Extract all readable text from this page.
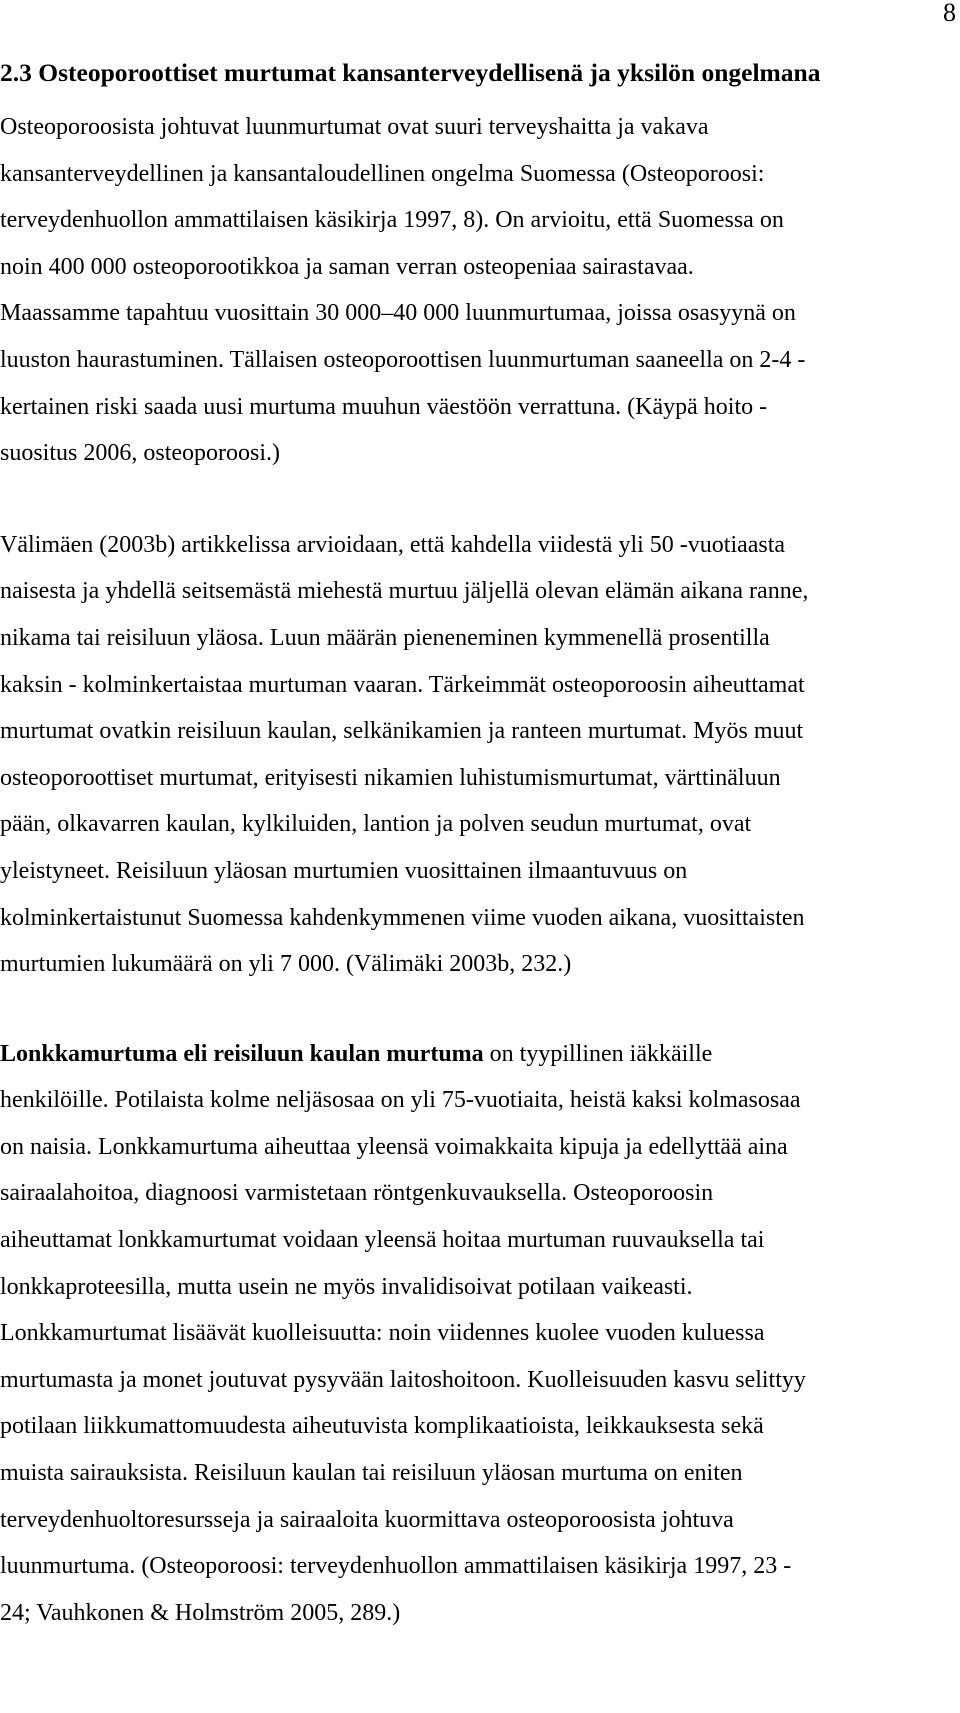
8
2.3 Osteoporoottiset murtumat kansanterveydellisenä ja yksilön ongelmana
Osteoporoosista johtuvat luunmurtumat ovat suuri terveyshaitta ja vakava
kansanterveydellinen ja kansantaloudellinen ongelma Suomessa (Osteoporoosi:
terveydenhuollon ammattilaisen käsikirja 1997, 8). On arvioitu, että Suomessa on
noin 400 000 osteoporootikkoa ja saman verran osteopeniaa sairastavaa.
Maassamme tapahtuu vuosittain 30 000–40 000 luunmurtumaa, joissa osasyynä on
luuston haurastuminen. Tällaisen osteoporoottisen luunmurtuman saaneella on 2-4 -
kertainen riski saada uusi murtuma muuhun väestöön verrattuna. (Käypä hoito -
suositus 2006, osteoporoosi.)
Välimäen (2003b) artikkelissa arvioidaan, että kahdella viidestä yli 50 -vuotiaasta
naisesta ja yhdellä seitsemästä miehestä murtuu jäljellä olevan elämän aikana ranne,
nikama tai reisiluun yläosa. Luun määrän pieneneminen kymmenellä prosentilla
kaksin - kolminkertaistaa murtuman vaaran. Tärkeimmät osteoporoosin aiheuttamat
murtumat ovatkin reisiluun kaulan, selkänikamien ja ranteen murtumat. Myös muut
osteoporoottiset murtumat, erityisesti nikamien luhistumismurtumat, värttinäluun
pään, olkavarren kaulan, kylkiluiden, lantion ja polven seudun murtumat, ovat
yleistyneet. Reisiluun yläosan murtumien vuosittainen ilmaantuvuus on
kolminkertaistunut Suomessa kahdenkymmenen viime vuoden aikana, vuosittaisten
murtumien lukumäärä on yli 7 000. (Välimäki 2003b, 232.)
Lonkkamurtuma eli reisiluun kaulan murtuma on tyypillinen iäkkäille
henkilöille. Potilaista kolme neljäsosaa on yli 75-vuotiaita, heistä kaksi kolmasosaa
on naisia. Lonkkamurtuma aiheuttaa yleensä voimakkaita kipuja ja edellyttää aina
sairaalahoitoa, diagnoosi varmistetaan röntgenkuvauksella. Osteoporoosin
aiheuttamat lonkkamurtumat voidaan yleensä hoitaa murtuman ruuvauksella tai
lonkkaproteesilla, mutta usein ne myös invalidisoivat potilaan vaikeasti.
Lonkkamurtumat lisäävät kuolleisuutta: noin viidennes kuolee vuoden kuluessa
murtumasta ja monet joutuvat pysyvään laitoshoitoon. Kuolleisuuden kasvu selittyy
potilaan liikkumattomuudesta aiheutuvista komplikaatioista, leikkauksesta sekä
muista sairauksista. Reisiluun kaulan tai reisiluun yläosan murtuma on eniten
terveydenhuoltoresursseja ja sairaaloita kuormittava osteoporoosista johtuva
luunmurtuma. (Osteoporoosi: terveydenhuollon ammattilaisen käsikirja 1997, 23 -
24; Vauhkonen & Holmström 2005, 289.)
